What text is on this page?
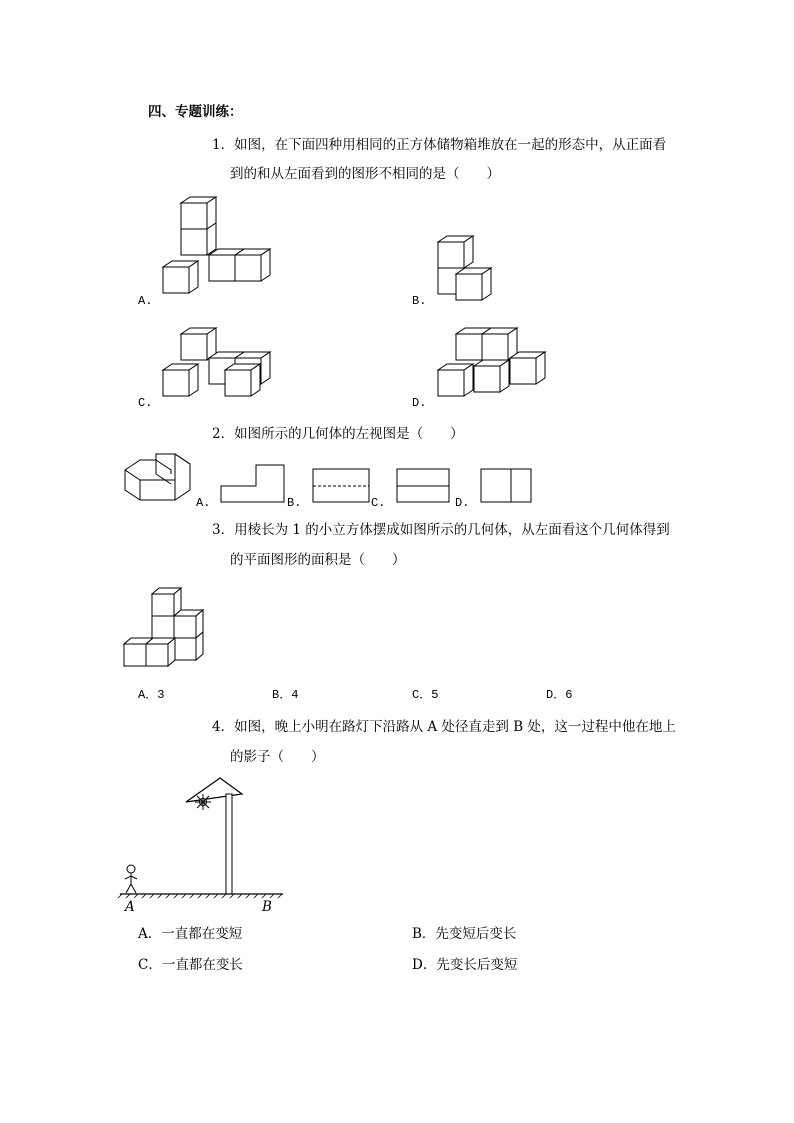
四、专题训练：
1．如图，在下面四种用相同的正方体储物箱堆放在一起的形态中，从正面看
到的和从左面看到的图形不相同的是（　　）
A.	B.
C.	D.
2．如图所示的几何体的左视图是（　　）
A.	B.	C.	D.
3．用棱长为 1 的小立方体摆成如图所示的几何体，从左面看这个几何体得到
的平面图形的面积是（　　）
A．3	B．4	C．5	D．6
4．如图，晚上小明在路灯下沿路从 A 处径直走到 B 处，这一过程中他在地上
的影子（　　）
A	B
A．一直都在变短	B．先变短后变长
C．一直都在变长	D．先变长后变短
